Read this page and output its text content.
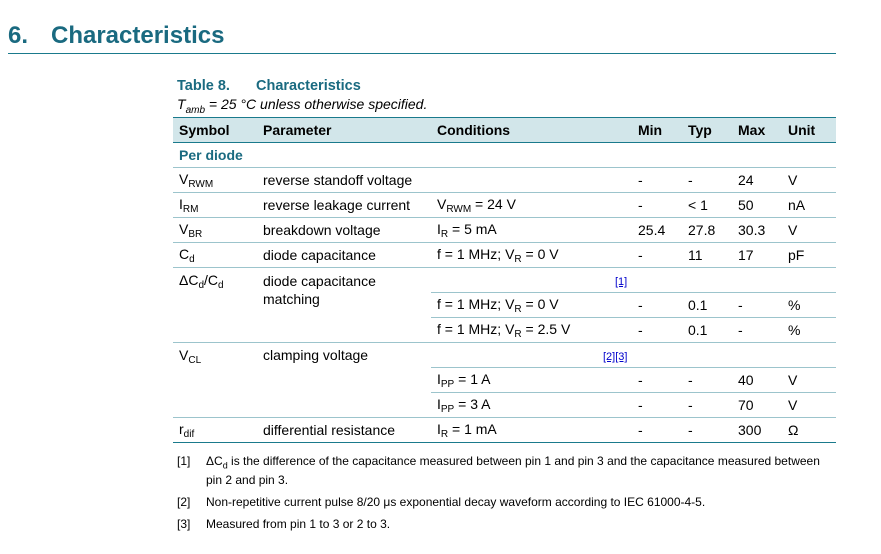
6. Characteristics
Table 8. Characteristics
$T_{amb} = 25$ °C unless otherwise specified.
Symbol	Parameter	Conditions	Min	Typ	Max	Unit
Per diode						
$V_{RWM}$	reverse standoff voltage		-	-	24	V
$I_{RM}$	reverse leakage current	$V_{RWM} = 24$ V	-	< 1	50	nA
$V_{BR}$	breakdown voltage	$I_R = 5$ mA	25.4	27.8	30.3	V
$C_d$	diode capacitance	f = 1 MHz; $V_R = 0$ V	-	11	17	pF
$\Delta C_d/C_d$	diode capacitance matching	[1]				
		f = 1 MHz; $V_R = 0$ V	-	0.1	-	%
		f = 1 MHz; $V_R = 2.5$ V	-	0.1	-	%
$V_{CL}$	clamping voltage	[2][3]				
		$I_{PP} = 1$ A	-	-	40	V
		$I_{PP} = 3$ A	-	-	70	V
$r_{dif}$	differential resistance	$I_R = 1$ mA	-	-	300	Ω
[1]	$\Delta C_d$ is the difference of the capacitance measured between pin 1 and pin 3 and the capacitance measured between pin 2 and pin 3.
[2]	Non-repetitive current pulse 8/20 μs exponential decay waveform according to IEC 61000-4-5.
[3]	Measured from pin 1 to 3 or 2 to 3.
